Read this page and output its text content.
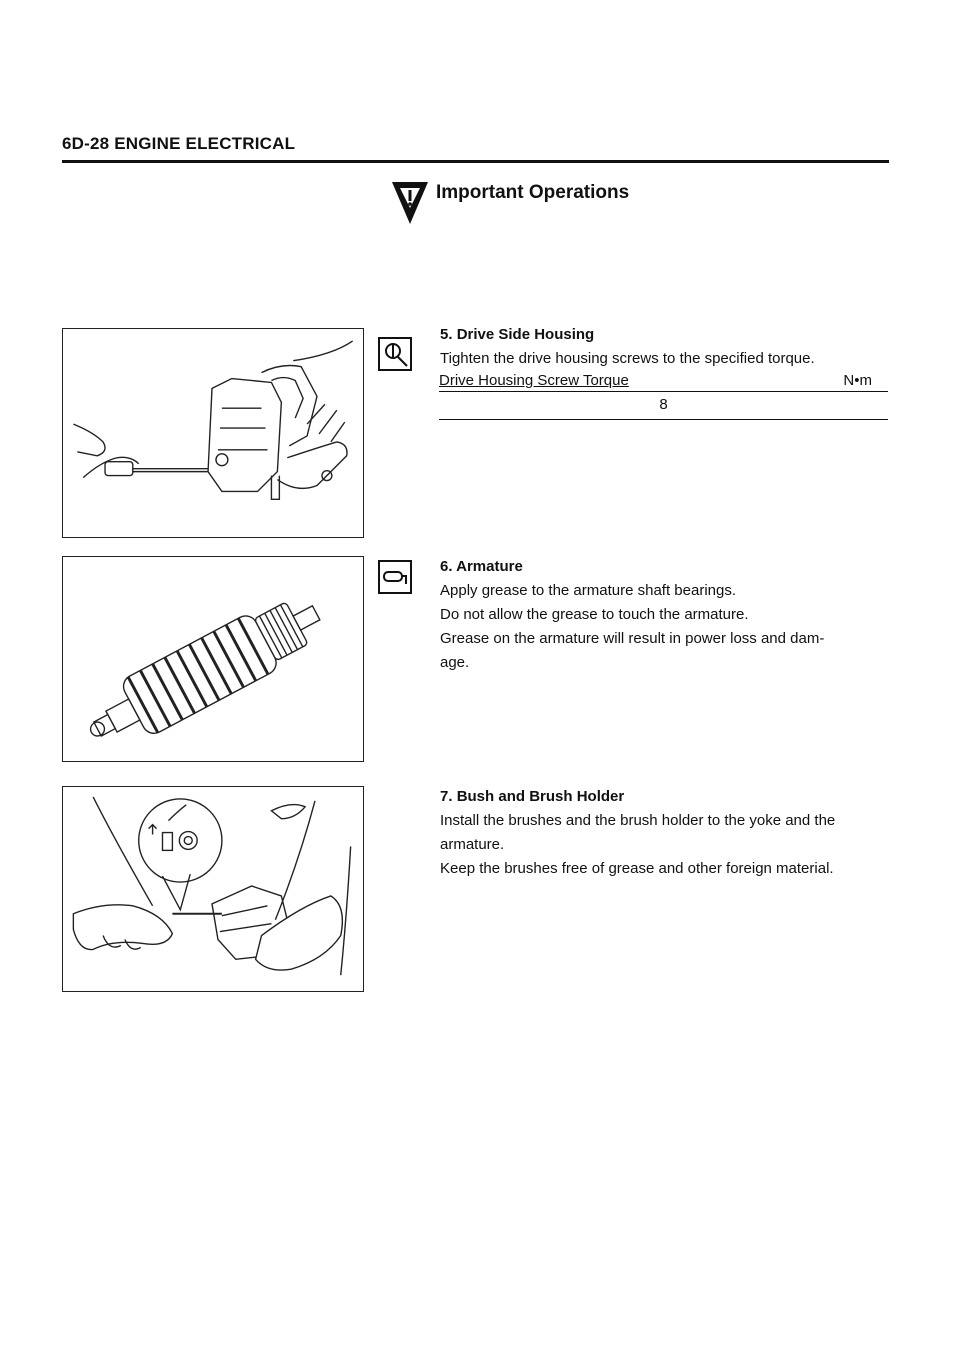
6D-28 ENGINE ELECTRICAL
Important Operations
5. Drive Side Housing
Tighten the drive housing screws to the specified torque.
Drive Housing Screw Torque	N•m
8
6. Armature
Apply grease to the armature shaft bearings.
Do not allow the grease to touch the armature.
Grease on the armature will result in power loss and dam-
age.
7. Bush and Brush Holder
Install the brushes and the brush holder to the yoke and the
armature.
Keep the brushes free of grease and other foreign material.
